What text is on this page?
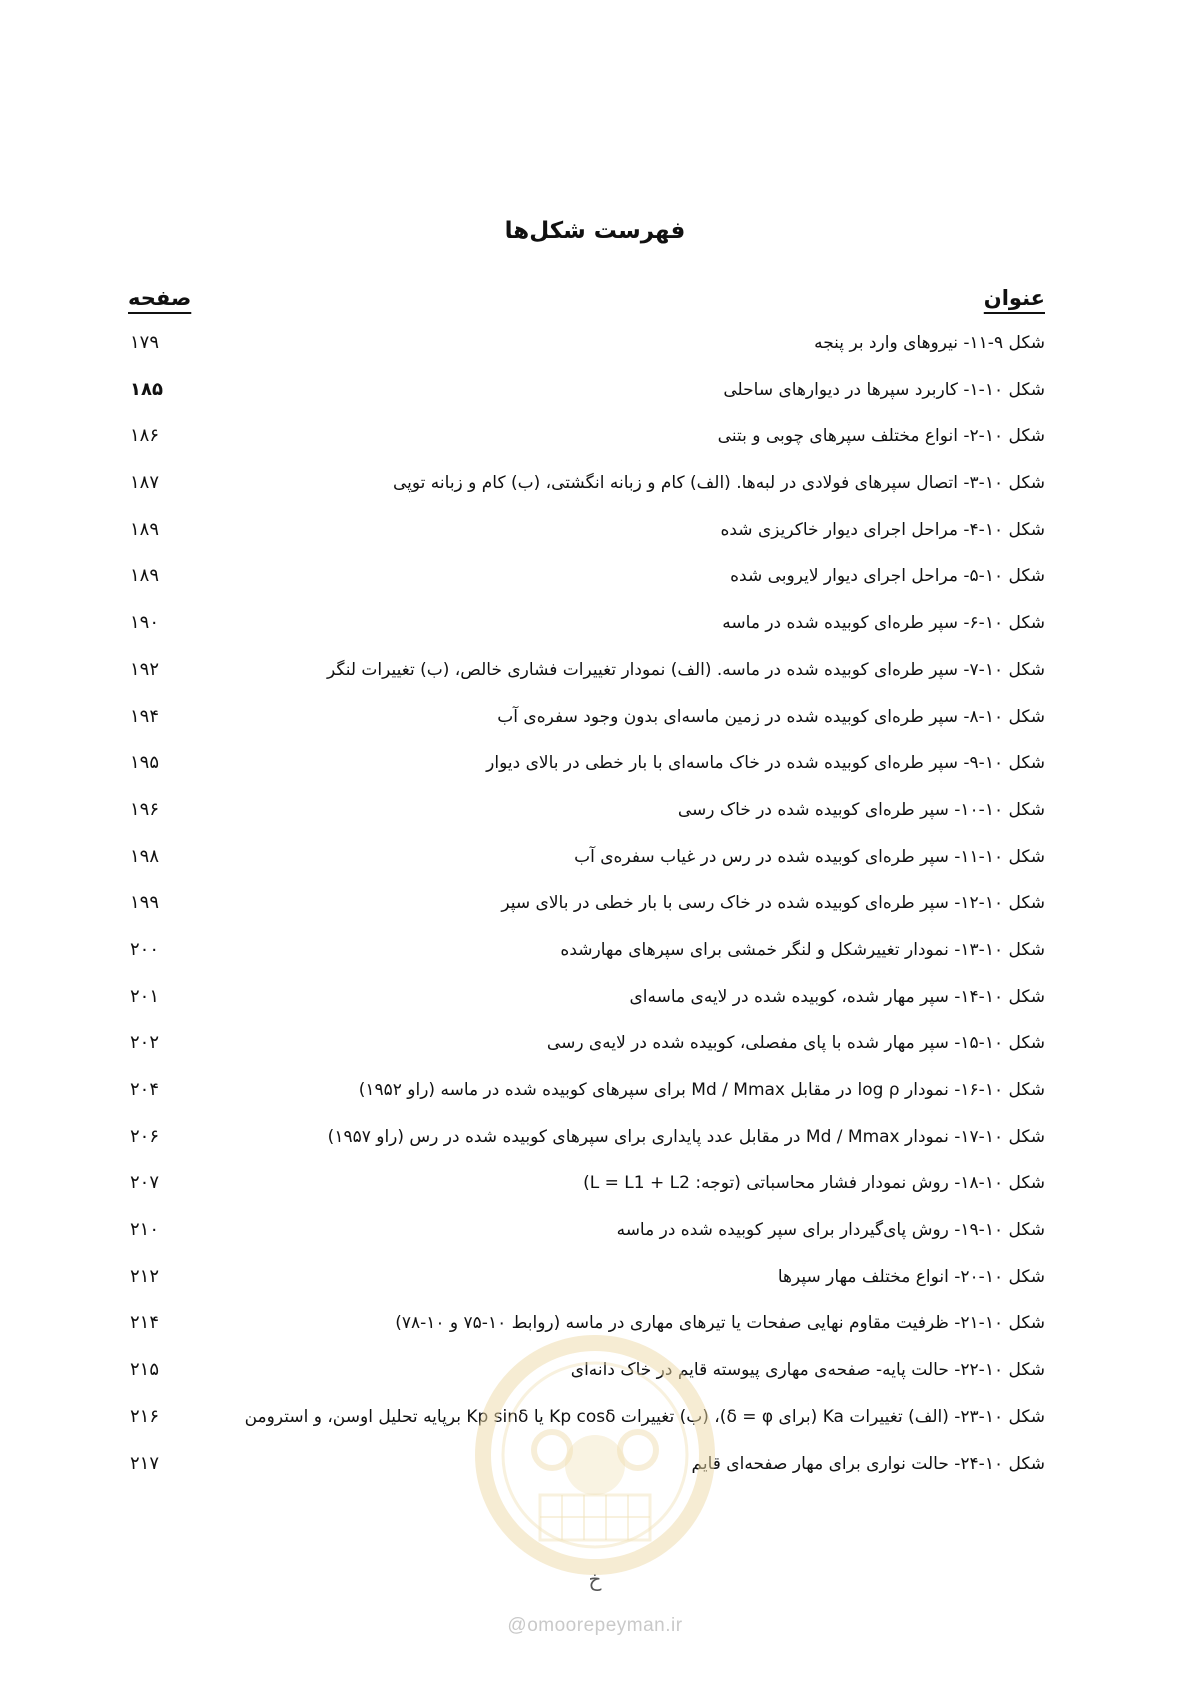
فهرست شکل‌ها
عنوان
صفحه
شکل ۹-۱۱- نیروهای وارد بر پنجه
۱۷۹
شکل ۱۰-۱- کاربرد سپرها در دیوارهای ساحلی
۱۸۵
شکل ۱۰-۲- انواع مختلف سپرهای چوبی و بتنی
۱۸۶
شکل ۱۰-۳- اتصال سپرهای فولادی در لبه‌ها. (الف) کام و زبانه انگشتی، (ب) کام و زبانه توپی
۱۸۷
شکل ۱۰-۴- مراحل اجرای دیوار خاکریزی شده
۱۸۹
شکل ۱۰-۵- مراحل اجرای دیوار لایروبی شده
۱۸۹
شکل ۱۰-۶- سپر طره‌ای کوبیده شده در ماسه
۱۹۰
شکل ۱۰-۷- سپر طره‌ای کوبیده شده در ماسه. (الف) نمودار تغییرات فشاری خالص، (ب) تغییرات لنگر
۱۹۲
شکل ۱۰-۸- سپر طره‌ای کوبیده شده در زمین ماسه‌ای بدون وجود سفره‌ی آب
۱۹۴
شکل ۱۰-۹- سپر طره‌ای کوبیده شده در خاک ماسه‌ای با بار خطی در بالای دیوار
۱۹۵
شکل ۱۰-۱۰- سپر طره‌ای کوبیده شده در خاک رسی
۱۹۶
شکل ۱۰-۱۱- سپر طره‌ای کوبیده شده در رس در غیاب سفره‌ی آب
۱۹۸
شکل ۱۰-۱۲- سپر طره‌ای کوبیده شده در خاک رسی با بار خطی در بالای سپر
۱۹۹
شکل ۱۰-۱۳- نمودار تغییرشکل و لنگر خمشی برای سپرهای مهارشده
۲۰۰
شکل ۱۰-۱۴- سپر مهار شده، کوبیده شده در لایه‌ی ماسه‌ای
۲۰۱
شکل ۱۰-۱۵- سپر مهار شده با پای مفصلی، کوبیده شده در لایه‌ی رسی
۲۰۲
شکل ۱۰-۱۶- نمودار log ρ در مقابل Md / Mmax برای سپرهای کوبیده شده در ماسه (راو ۱۹۵۲)
۲۰۴
شکل ۱۰-۱۷- نمودار Md / Mmax در مقابل عدد پایداری برای سپرهای کوبیده شده در رس (راو ۱۹۵۷)
۲۰۶
شکل ۱۰-۱۸- روش نمودار فشار محاسباتی (توجه: L = L1 + L2)
۲۰۷
شکل ۱۰-۱۹- روش پای‌گیردار برای سپر کوبیده شده در ماسه
۲۱۰
شکل ۱۰-۲۰- انواع مختلف مهار سپرها
۲۱۲
شکل ۱۰-۲۱- ظرفیت مقاوم نهایی صفحات یا تیرهای مهاری در ماسه (روابط ۱۰-۷۵ و ۱۰-۷۸)
۲۱۴
شکل ۱۰-۲۲- حالت پایه- صفحه‌ی مهاری پیوسته قایم در خاک دانه‌ای
۲۱۵
شکل ۱۰-۲۳- (الف) تغییرات Ka (برای δ = φ)، (ب) تغییرات Kp cosδ یا Kp sinδ برپایه تحلیل اوسن، و استرومن
۲۱۶
شکل ۱۰-۲۴- حالت نواری برای مهار صفحه‌ای قایم
۲۱۷
خ
@omoorepeyman.ir
